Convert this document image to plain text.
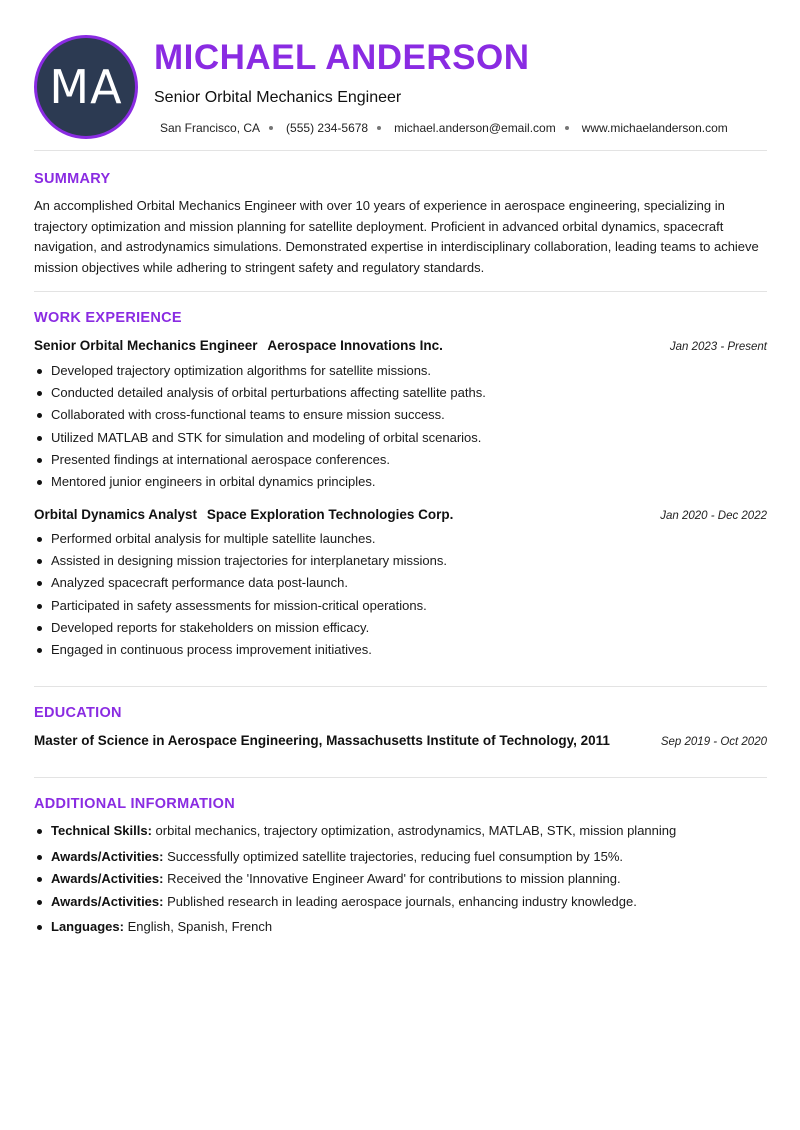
MA
MICHAEL ANDERSON
Senior Orbital Mechanics Engineer
San Francisco, CA (555) 234-5678 michael.anderson@email.com www.michaelanderson.com
SUMMARY

An accomplished Orbital Mechanics Engineer with over 10 years of experience in aerospace engineering, specializing in trajectory optimization and mission planning for satellite deployment. Proficient in advanced orbital dynamics, spacecraft navigation, and astrodynamics simulations. Demonstrated expertise in interdisciplinary collaboration, leading teams to achieve mission objectives while adhering to stringent safety and regulatory standards.

WORK EXPERIENCE
Senior Orbital Mechanics Engineer Aerospace Innovations Inc.	Jan 2023 - Present
Developed trajectory optimization algorithms for satellite missions.
Conducted detailed analysis of orbital perturbations affecting satellite paths.
Collaborated with cross-functional teams to ensure mission success.
Utilized MATLAB and STK for simulation and modeling of orbital scenarios.
Presented findings at international aerospace conferences.
Mentored junior engineers in orbital dynamics principles.
Orbital Dynamics Analyst Space Exploration Technologies Corp.	Jan 2020 - Dec 2022
Performed orbital analysis for multiple satellite launches.
Assisted in designing mission trajectories for interplanetary missions.
Analyzed spacecraft performance data post-launch.
Participated in safety assessments for mission-critical operations.
Developed reports for stakeholders on mission efficacy.
Engaged in continuous process improvement initiatives.
EDUCATION
Master of Science in Aerospace Engineering, Massachusetts Institute of Technology, 2011	Sep 2019 - Oct 2020
ADDITIONAL INFORMATION
Technical Skills: orbital mechanics, trajectory optimization, astrodynamics, MATLAB, STK, mission planning
Awards/Activities: Successfully optimized satellite trajectories, reducing fuel consumption by 15%.
Awards/Activities: Received the 'Innovative Engineer Award' for contributions to mission planning.
Awards/Activities: Published research in leading aerospace journals, enhancing industry knowledge.
Languages: English, Spanish, French
